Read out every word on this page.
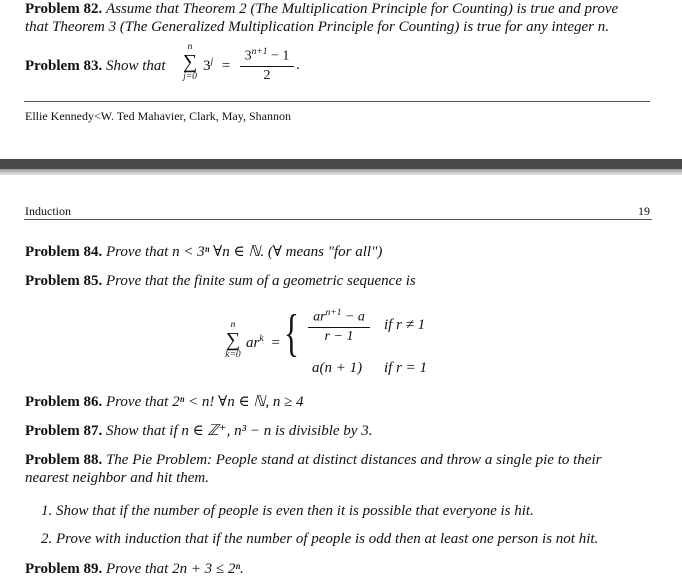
Problem 82. Assume that Theorem 2 (The Multiplication Principle for Counting) is true and prove
that Theorem 3 (The Generalized Multiplication Principle for Counting) is true for any integer n.
Problem 83. Show that
n
∑
j=0
$3^j$ =
$3^{n+1} - 1$
2
.
Ellie Kennedy<W. Ted Mahavier, Clark, May, Shannon
Induction	19
Problem 84. Prove that n < 3ⁿ ∀n ∈ ℕ. (∀ means "for all")
Problem 85. Prove that the finite sum of a geometric sequence is
n
∑
k=0
$ar^k$ = {	$ar^{n+1} - a$
r − 1
if r ≠ 1
a(n + 1) if r = 1
Problem 86. Prove that 2ⁿ < n! ∀n ∈ ℕ, n ≥ 4
Problem 87. Show that if n ∈ ℤ⁺, n³ − n is divisible by 3.
Problem 88. The Pie Problem: People stand at distinct distances and throw a single pie to their
nearest neighbor and hit them.
1. Show that if the number of people is even then it is possible that everyone is hit.
2. Prove with induction that if the number of people is odd then at least one person is not hit.
Problem 89. Prove that 2n + 3 ≤ 2ⁿ.
